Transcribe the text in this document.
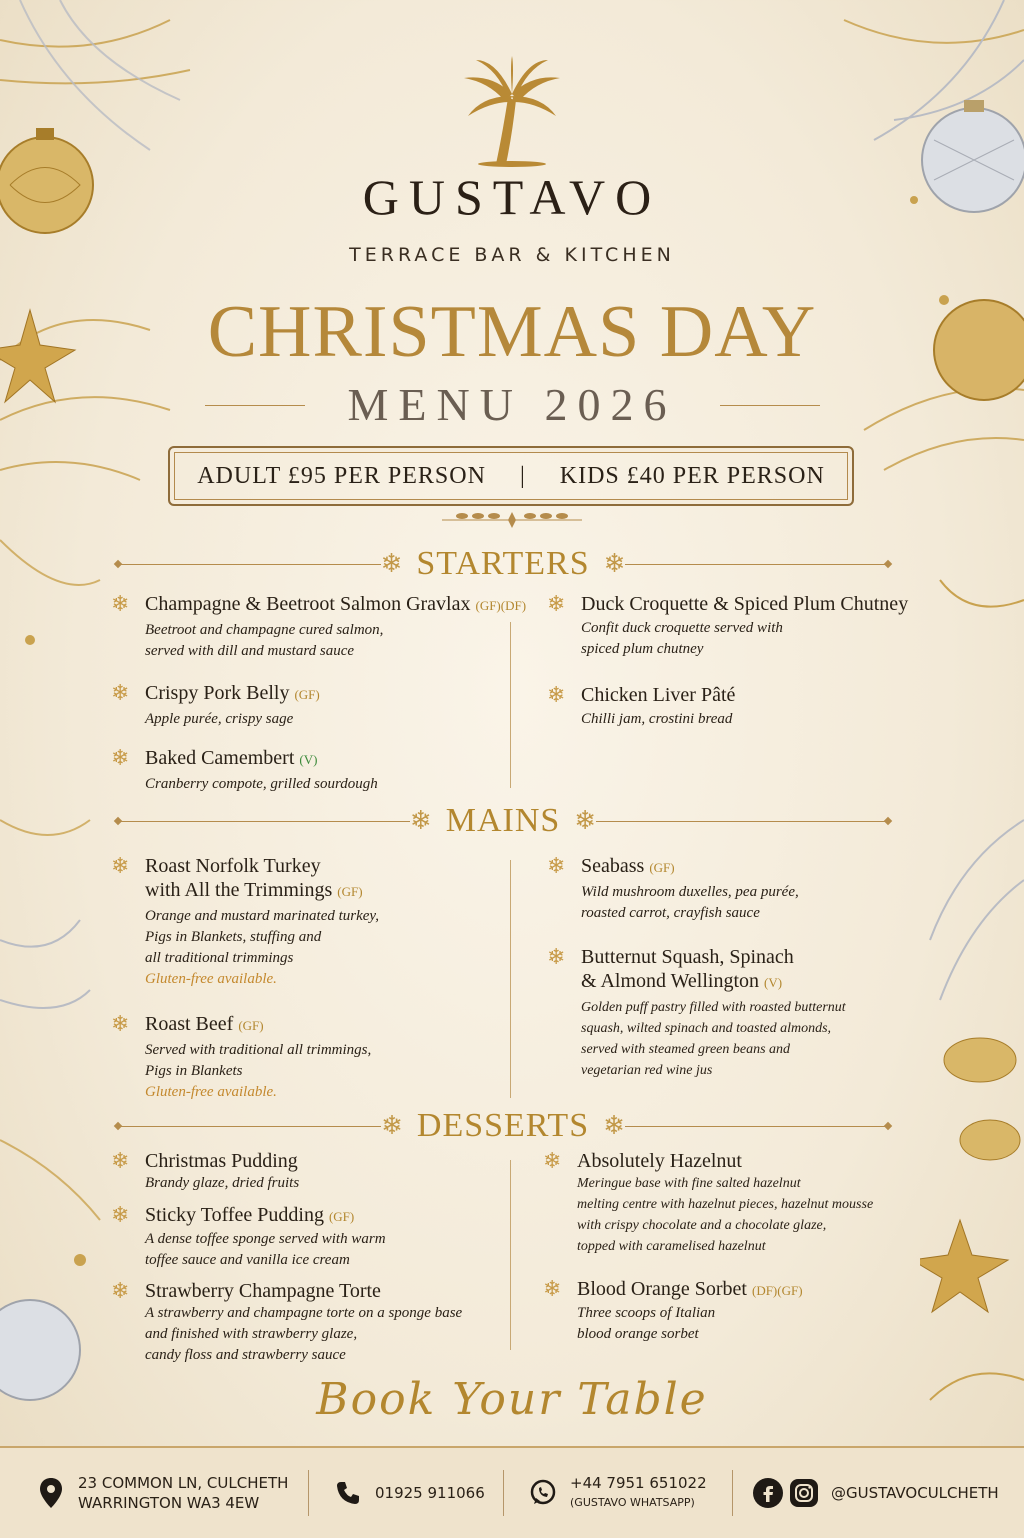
GUSTAVO
TERRACE BAR & KITCHEN
CHRISTMAS DAY
MENU 2026
ADULT £95 PER PERSON | KIDS £40 PER PERSON
❄ STARTERS ❄
❄ Champagne & Beetroot Salmon Gravlax (GF)(DF)
Beetroot and champagne cured salmon,
served with dill and mustard sauce
❄ Crispy Pork Belly (GF)
Apple purée, crispy sage
❄ Baked Camembert (V)
Cranberry compote, grilled sourdough
❄ Duck Croquette & Spiced Plum Chutney
Confit duck croquette served with
spiced plum chutney
❄ Chicken Liver Pâté
Chilli jam, crostini bread
❄ MAINS ❄
❄ Roast Norfolk Turkey
with All the Trimmings (GF)
Orange and mustard marinated turkey,
Pigs in Blankets, stuffing and
all traditional trimmings
Gluten-free available.
❄ Roast Beef (GF)
Served with traditional all trimmings,
Pigs in Blankets
Gluten-free available.
❄ Seabass (GF)
Wild mushroom duxelles, pea purée,
roasted carrot, crayfish sauce
❄ Butternut Squash, Spinach
& Almond Wellington (V)
Golden puff pastry filled with roasted butternut
squash, wilted spinach and toasted almonds,
served with steamed green beans and
vegetarian red wine jus
❄ DESSERTS ❄
❄ Christmas Pudding
Brandy glaze, dried fruits
❄ Sticky Toffee Pudding (GF)
A dense toffee sponge served with warm
toffee sauce and vanilla ice cream
❄ Strawberry Champagne Torte
A strawberry and champagne torte on a sponge base
and finished with strawberry glaze,
candy floss and strawberry sauce
❄ Absolutely Hazelnut
Meringue base with fine salted hazelnut
melting centre with hazelnut pieces, hazelnut mousse
with crispy chocolate and a chocolate glaze,
topped with caramelised hazelnut
❄ Blood Orange Sorbet (DF)(GF)
Three scoops of Italian
blood orange sorbet
Book Your Table
23 COMMON LN, CULCHETH
WARRINGTON WA3 4EW
01925 911066
+44 7951 651022
(GUSTAVO WHATSAPP)
@GUSTAVOCULCHETH
